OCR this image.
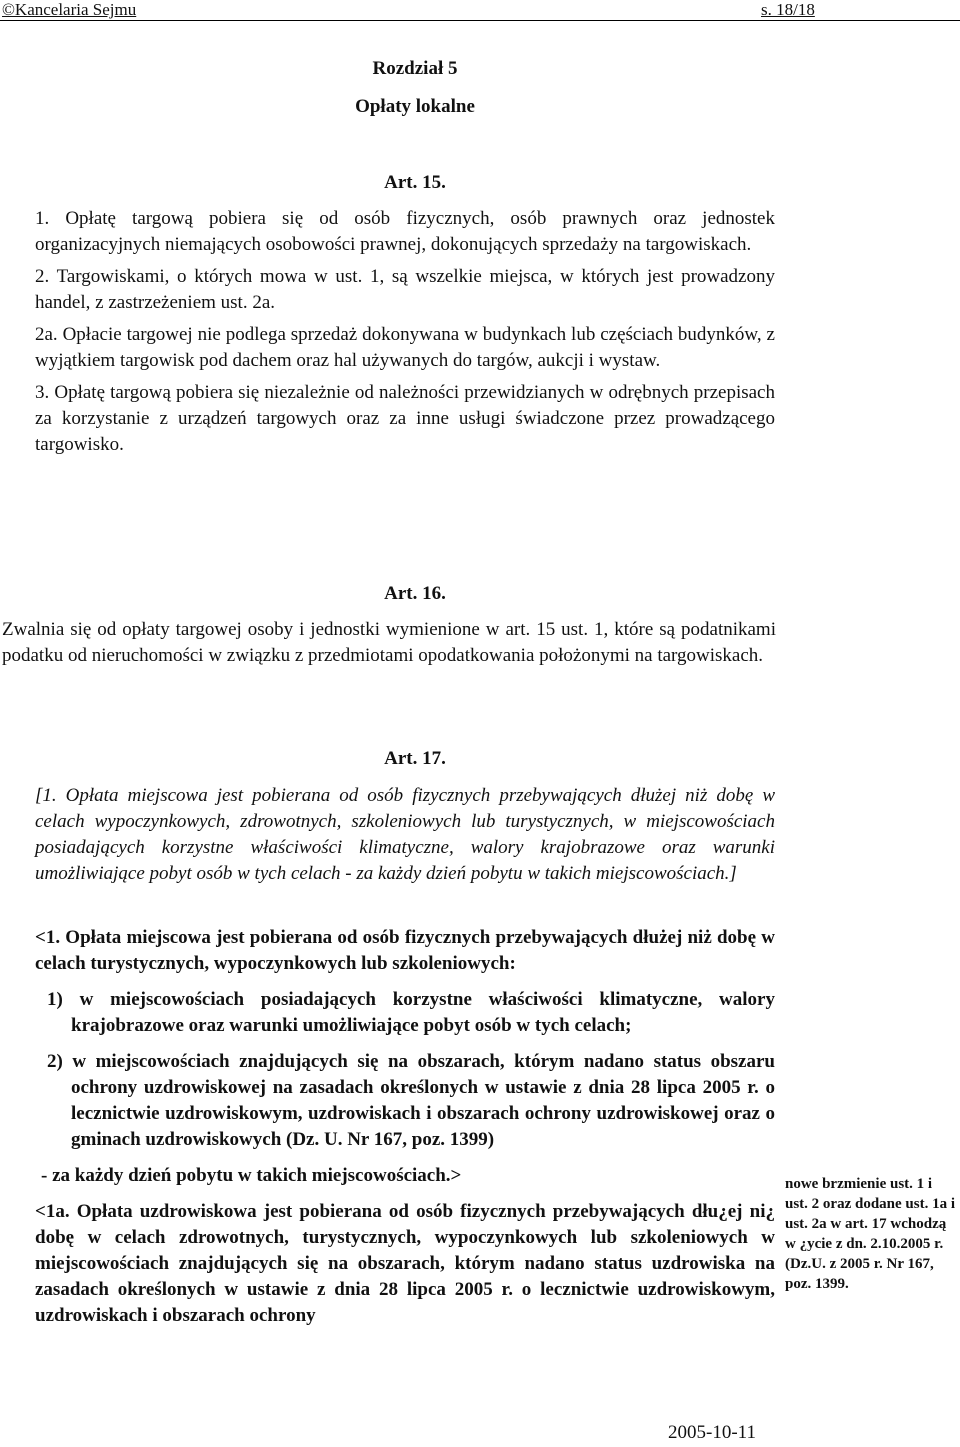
©Kancelaria Sejmu	s. 18/18
Rozdział 5
Opłaty lokalne
Art. 15.

1. Opłatę targową pobiera się od osób fizycznych, osób prawnych oraz jednostek organizacyjnych niemających osobowości prawnej, dokonujących sprzedaży na targowiskach.

2. Targowiskami, o których mowa w ust. 1, są wszelkie miejsca, w których jest prowadzony handel, z zastrzeżeniem ust. 2a.

2a. Opłacie targowej nie podlega sprzedaż dokonywana w budynkach lub częściach budynków, z wyjątkiem targowisk pod dachem oraz hal używanych do targów, aukcji i wystaw.

3. Opłatę targową pobiera się niezależnie od należności przewidzianych w odrębnych przepisach za korzystanie z urządzeń targowych oraz za inne usługi świadczone przez prowadzącego targowisko.

Art. 16.
Zwalnia się od opłaty targowej osoby i jednostki wymienione w art. 15 ust. 1, które są podatnikami podatku od nieruchomości w związku z przedmiotami opodatkowania położonymi na targowiskach.
Art. 17.
[1. Opłata miejscowa jest pobierana od osób fizycznych przebywających dłużej niż dobę w celach wypoczynkowych, zdrowotnych, szkoleniowych lub turystycznych, w miejscowościach posiadających korzystne właściwości klimatyczne, walory krajobrazowe oraz warunki umożliwiające pobyt osób w tych celach - za każdy dzień pobytu w takich miejscowościach.]

<1. Opłata miejscowa jest pobierana od osób fizycznych przebywających dłużej niż dobę w celach turystycznych, wypoczynkowych lub szkoleniowych:

1) w miejscowościach posiadających korzystne właściwości klimatyczne, walory krajobrazowe oraz warunki umożliwiające pobyt osób w tych celach;

2) w miejscowościach znajdujących się na obszarach, którym nadano status obszaru ochrony uzdrowiskowej na zasadach określonych w ustawie z dnia 28 lipca 2005 r. o lecznictwie uzdrowiskowym, uzdrowiskach i obszarach ochrony uzdrowiskowej oraz o gminach uzdrowiskowych (Dz. U. Nr 167, poz. 1399)

- za każdy dzień pobytu w takich miejscowościach.>

<1a. Opłata uzdrowiskowa jest pobierana od osób fizycznych przebywających dłu¿ej ni¿ dobę w celach zdrowotnych, turystycznych, wypoczynkowych lub szkoleniowych w miejscowościach znajdujących się na obszarach, którym nadano status uzdrowiska na zasadach określonych w ustawie z dnia 28 lipca 2005 r. o lecznictwie uzdrowiskowym, uzdrowiskach i obszarach ochrony

nowe brzmienie ust. 1 i ust. 2 oraz dodane ust. 1a i ust. 2a w art. 17 wchodzą w ¿ycie z dn. 2.10.2005 r. (Dz.U. z 2005 r. Nr 167, poz. 1399.
2005-10-11
